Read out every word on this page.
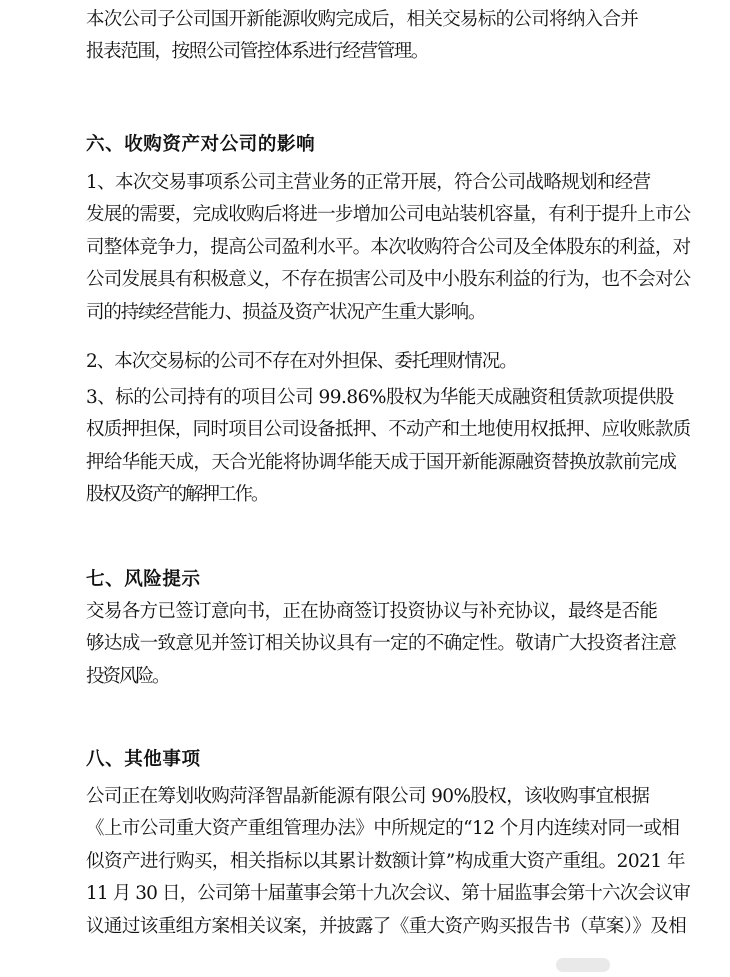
本次公司子公司国开新能源收购完成后，相关交易标的公司将纳入合并
报表范围，按照公司管控体系进行经营管理。
六、收购资产对公司的影响
1、本次交易事项系公司主营业务的正常开展，符合公司战略规划和经营
发展的需要，完成收购后将进一步增加公司电站装机容量，有利于提升上市公
司整体竞争力，提高公司盈利水平。本次收购符合公司及全体股东的利益，对
公司发展具有积极意义，不存在损害公司及中小股东利益的行为，也不会对公
司的持续经营能力、损益及资产状况产生重大影响。
2、本次交易标的公司不存在对外担保、委托理财情况。
3、标的公司持有的项目公司 99.86%股权为华能天成融资租赁款项提供股
权质押担保，同时项目公司设备抵押、不动产和土地使用权抵押、应收账款质
押给华能天成，天合光能将协调华能天成于国开新能源融资替换放款前完成
股权及资产的解押工作。
七、风险提示
交易各方已签订意向书，正在协商签订投资协议与补充协议，最终是否能
够达成一致意见并签订相关协议具有一定的不确定性。敬请广大投资者注意
投资风险。
八、其他事项
公司正在筹划收购菏泽智晶新能源有限公司 90%股权，该收购事宜根据
《上市公司重大资产重组管理办法》中所规定的“12 个月内连续对同一或相
似资产进行购买，相关指标以其累计数额计算”构成重大资产重组。2021 年
11 月 30 日，公司第十届董事会第十九次会议、第十届监事会第十六次会议审
议通过该重组方案相关议案，并披露了《重大资产购买报告书（草案）》及相
